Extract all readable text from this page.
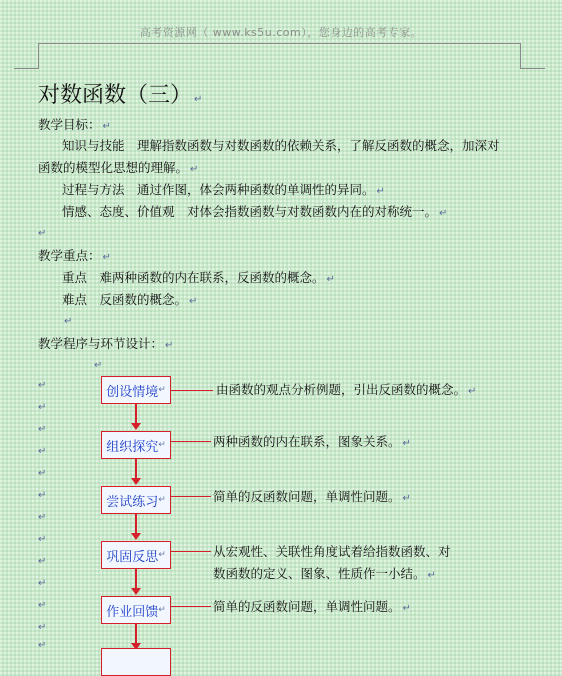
高考资源网（ www.ks5u.com），您身边的高考专家。
对数函数（三） ↵
教学目标： ↵
知识与技能　理解指数函数与对数函数的依赖关系，了解反函数的概念，加深对
函数的模型化思想的理解。 ↵
过程与方法　通过作图，体会两种函数的单调性的异同。 ↵
情感、态度、价值观　对体会指数函数与对数函数内在的对称统一。 ↵
↵
教学重点： ↵
重点　难两种函数的内在联系，反函数的概念。 ↵
难点　反函数的概念。 ↵
↵
教学程序与环节设计： ↵
↵
↵
↵
↵
↵
↵
↵
↵
↵
↵
↵
↵
↵
↵
创设情境 ↵	由函数的观点分析例题，引出反函数的概念。 ↵
组织探究 ↵	两种函数的内在联系，图象关系。 ↵
尝试练习 ↵	简单的反函数问题，单调性问题。 ↵
巩固反思 ↵	从宏观性、关联性角度试着给指数函数、对
数函数的定义、图象、性质作一小结。 ↵
作业回馈 ↵	简单的反函数问题，单调性问题。 ↵
